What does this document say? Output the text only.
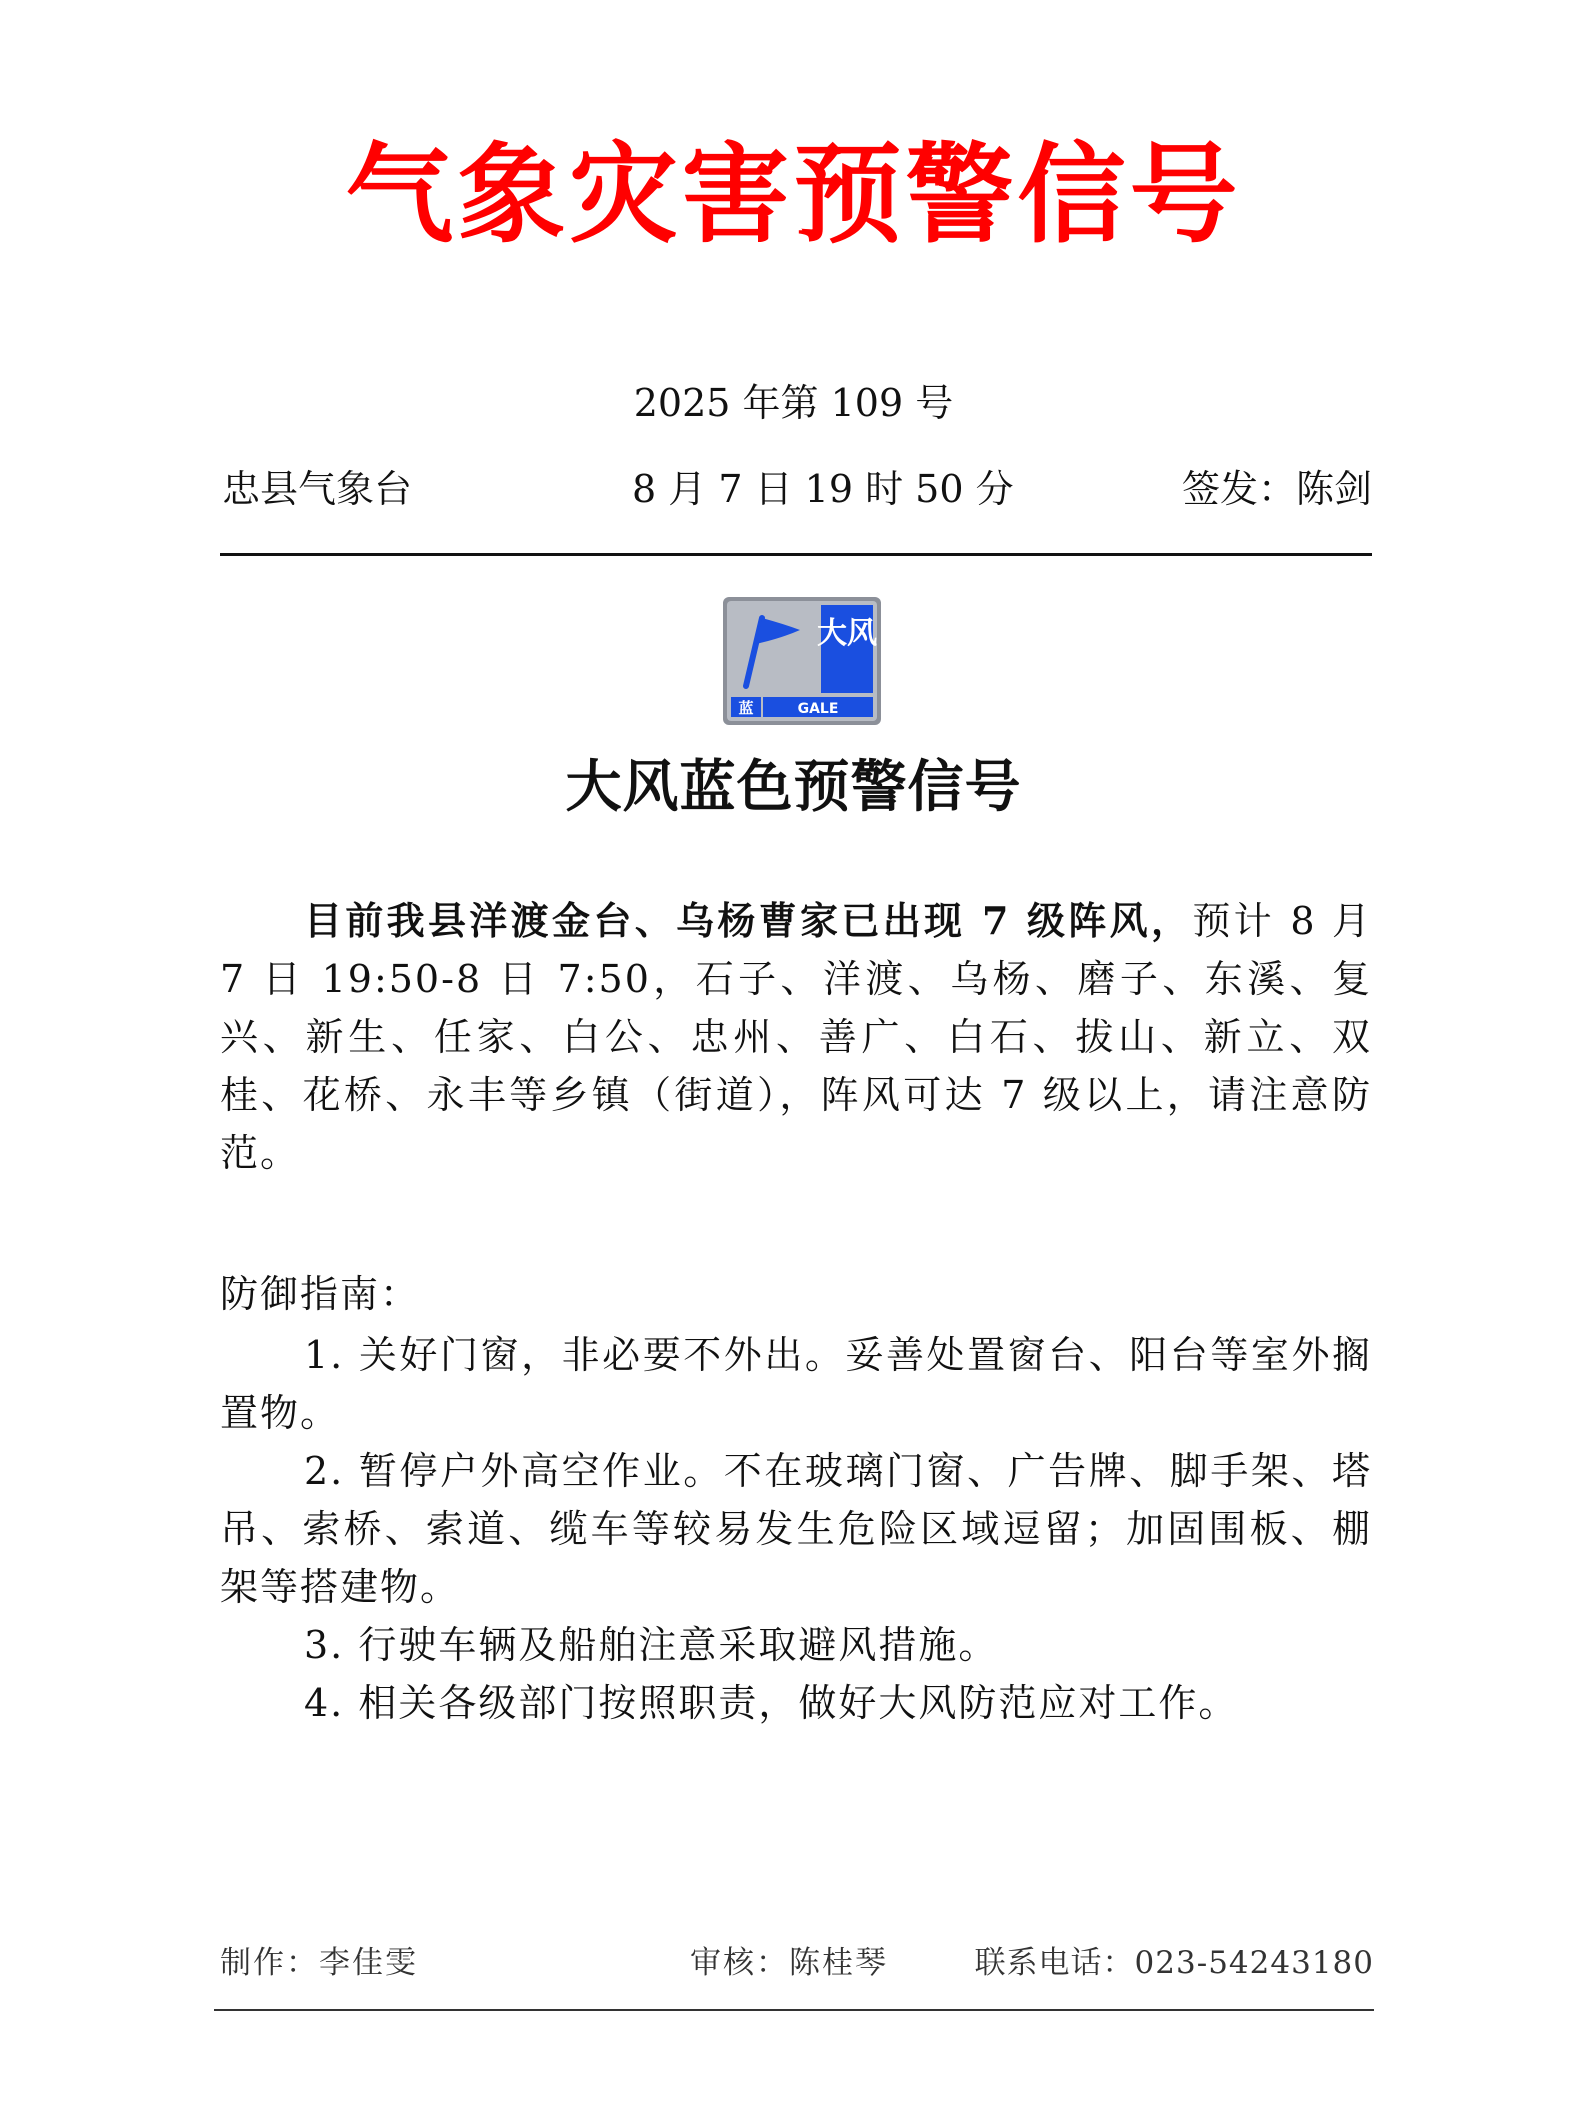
气象灾害预警信号
2025 年第 109 号
忠县气象台	8 月 7 日 19 时 50 分	签发：陈剑
大风
蓝	GALE
大风蓝色预警信号
目前我县洋渡金台、乌杨曹家已出现 7 级阵风，预计 8 月 7 日 19:50-8 日 7:50，石子、洋渡、乌杨、磨子、东溪、复兴、新生、任家、白公、忠州、善广、白石、拔山、新立、双桂、花桥、永丰等乡镇（街道），阵风可达 7 级以上，请注意防范。
防御指南：

1. 关好门窗，非必要不外出。妥善处置窗台、阳台等室外搁置物。

2. 暂停户外高空作业。不在玻璃门窗、广告牌、脚手架、塔吊、索桥、索道、缆车等较易发生危险区域逗留；加固围板、棚架等搭建物。

3. 行驶车辆及船舶注意采取避风措施。

4. 相关各级部门按照职责，做好大风防范应对工作。

制作：李佳雯	审核：陈桂琴	联系电话：023-54243180
